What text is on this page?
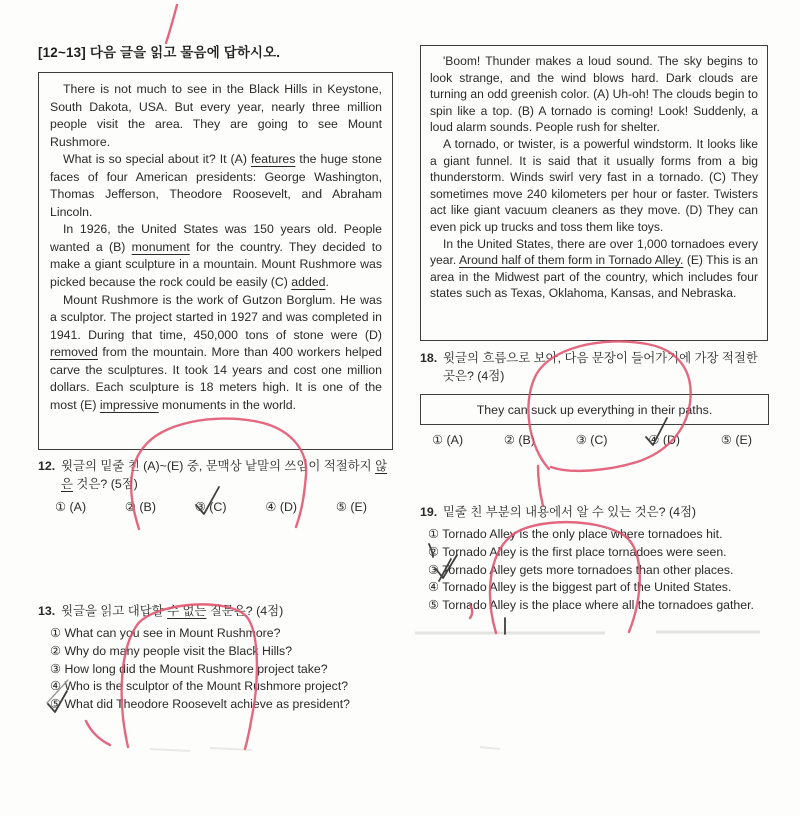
[12~13] 다음 글을 읽고 물음에 답하시오.

There is not much to see in the Black Hills in Keystone, South Dakota, USA. But every year, nearly three million people visit the area. They are going to see Mount Rushmore.

What is so special about it? It (A) features the huge stone faces of four American presidents: George Washington, Thomas Jefferson, Theodore Roosevelt, and Abraham Lincoln.

In 1926, the United States was 150 years old. People wanted a (B) monument for the country. They decided to make a giant sculpture in a mountain. Mount Rushmore was picked because the rock could be easily (C) added.

Mount Rushmore is the work of Gutzon Borglum. He was a sculptor. The project started in 1927 and was completed in 1941. During that time, 450,000 tons of stone were (D) removed from the mountain. More than 400 workers helped carve the sculptures. It took 14 years and cost one million dollars. Each sculpture is 18 meters high. It is one of the most (E) impressive monuments in the world.

12. 윗글의 밑줄 친 (A)~(E) 중, 문맥상 낱말의 쓰임이 적절하지 않은 것은? (5점)
① (A)	② (B)	③ (C)	④ (D)	⑤ (E)
13. 윗글을 읽고 대답할 수 없는 질문은? (4점)
① What can you see in Mount Rushmore?
② Why do many people visit the Black Hills?
③ How long did the Mount Rushmore project take?
④ Who is the sculptor of the Mount Rushmore project?
⑤ What did Theodore Roosevelt achieve as president?

'Boom! Thunder makes a loud sound. The sky begins to look strange, and the wind blows hard. Dark clouds are turning an odd greenish color. (A) Uh-oh! The clouds begin to spin like a top. (B) A tornado is coming! Look! Suddenly, a loud alarm sounds. People rush for shelter.

A tornado, or twister, is a powerful windstorm. It looks like a giant funnel. It is said that it usually forms from a big thunderstorm. Winds swirl very fast in a tornado. (C) They sometimes move 240 kilometers per hour or faster. Twisters act like giant vacuum cleaners as they move. (D) They can even pick up trucks and toss them like toys.

In the United States, there are over 1,000 tornadoes every year. Around half of them form in Tornado Alley. (E) This is an area in the Midwest part of the country, which includes four states such as Texas, Oklahoma, Kansas, and Nebraska.

18. 윗글의 흐름으로 보아, 다음 문장이 들어가기에 가장 적절한 곳은? (4점)
They can suck up everything in their paths.
① (A)	② (B)	③ (C)	④ (D)	⑤ (E)
19. 밑줄 친 부분의 내용에서 알 수 있는 것은? (4점)
① Tornado Alley is the only place where tornadoes hit.
② Tornado Alley is the first place tornadoes were seen.
③ Tornado Alley gets more tornadoes than other places.
④ Tornado Alley is the biggest part of the United States.
⑤ Tornado Alley is the place where all the tornadoes gather.
